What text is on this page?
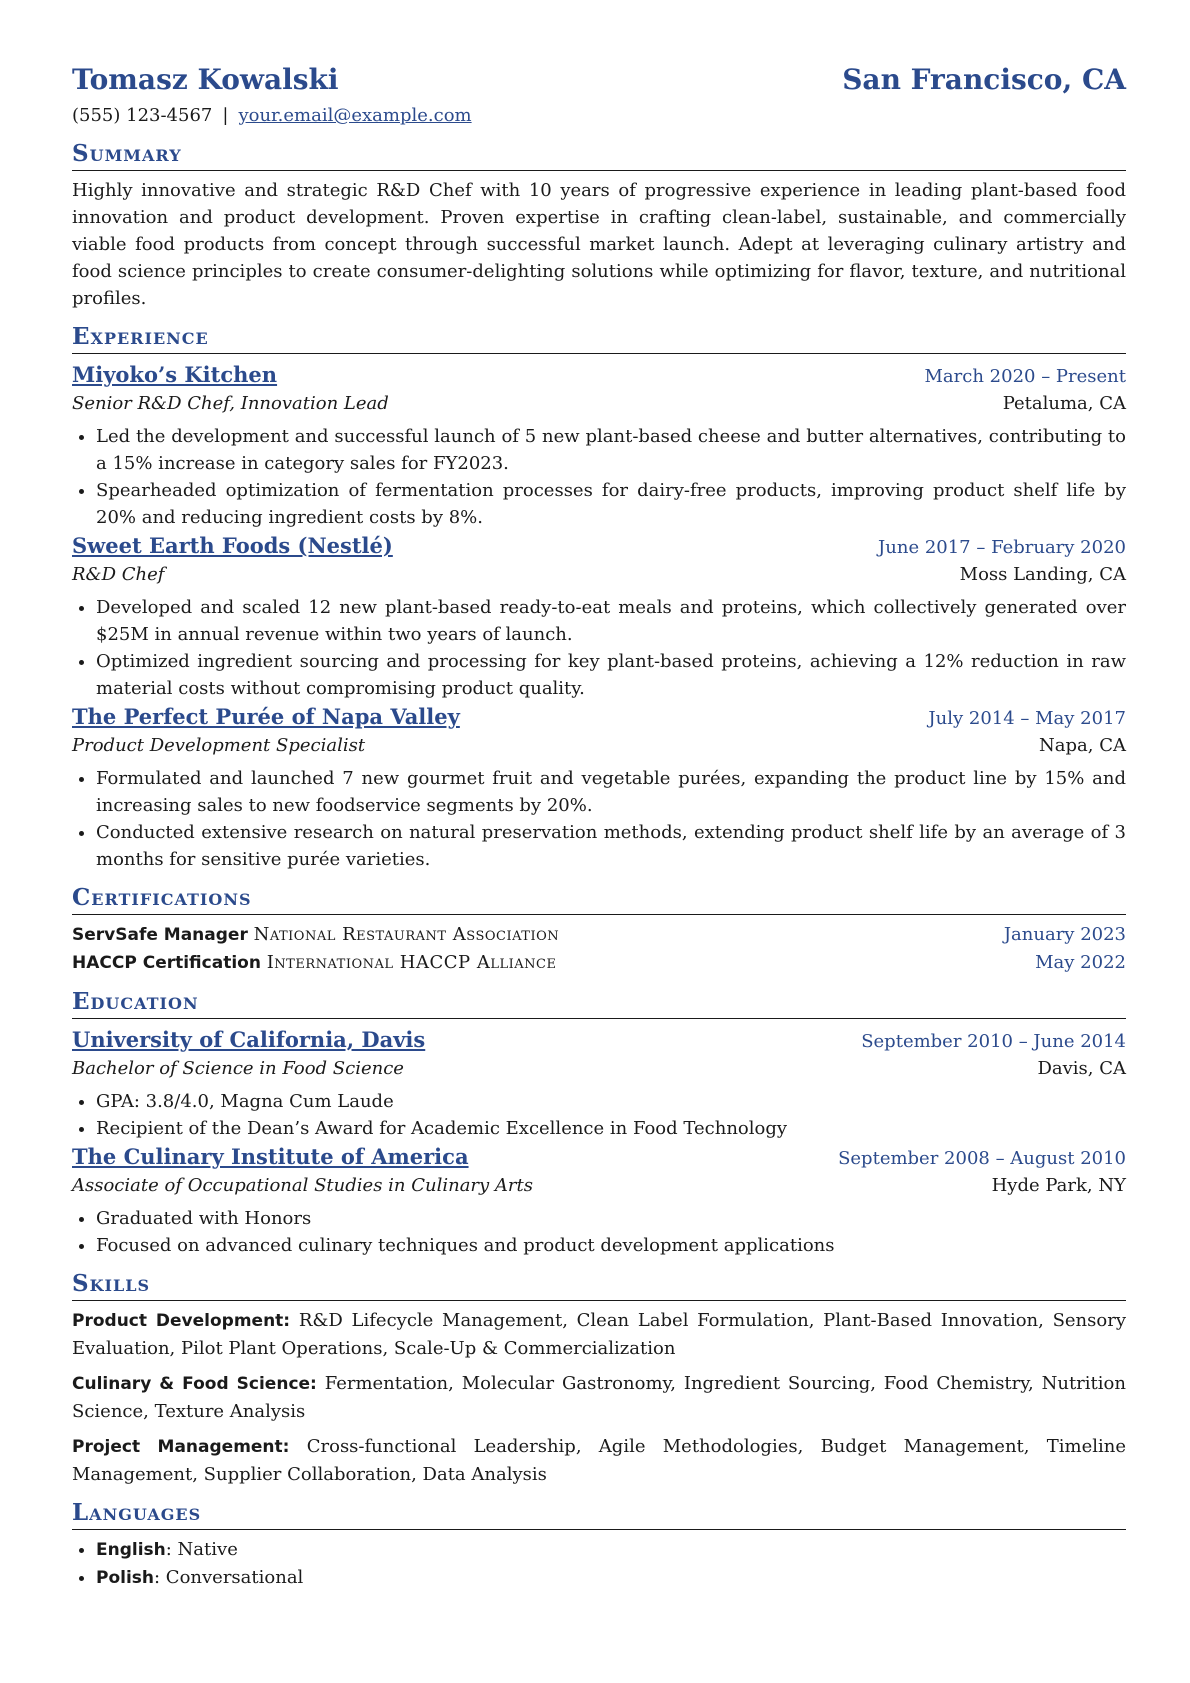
Tomasz Kowalski	San Francisco, CA
(555) 123-4567 | your.email@example.com
Summary
Highly innovative and strategic R&D Chef with 10 years of progressive experience in leading plant-based food innovation and product development. Proven expertise in crafting clean-label, sustainable, and commercially viable food products from concept through successful market launch. Adept at leveraging culinary artistry and food science principles to create consumer-delighting solutions while optimizing for flavor, texture, and nutritional profiles.
Experience
Miyoko’s Kitchen	March 2020 – Present
Senior R&D Chef, Innovation Lead	Petaluma, CA
• Led the development and successful launch of 5 new plant-based cheese and butter alternatives, contributing to a 15% increase in category sales for FY2023.
• Spearheaded optimization of fermentation processes for dairy-free products, improving product shelf life by 20% and reducing ingredient costs by 8%.
Sweet Earth Foods (Nestlé)	June 2017 – February 2020
R&D Chef	Moss Landing, CA
• Developed and scaled 12 new plant-based ready-to-eat meals and proteins, which collectively generated over $25M in annual revenue within two years of launch.
• Optimized ingredient sourcing and processing for key plant-based proteins, achieving a 12% reduction in raw material costs without compromising product quality.
The Perfect Purée of Napa Valley	July 2014 – May 2017
Product Development Specialist	Napa, CA
• Formulated and launched 7 new gourmet fruit and vegetable purées, expanding the product line by 15% and increasing sales to new foodservice segments by 20%.
• Conducted extensive research on natural preservation methods, extending product shelf life by an average of 3 months for sensitive purée varieties.
Certifications
ServSafe Manager National Restaurant Association	January 2023
HACCP Certification International HACCP Alliance	May 2022
Education
University of California, Davis	September 2010 – June 2014
Bachelor of Science in Food Science	Davis, CA
• GPA: 3.8/4.0, Magna Cum Laude
• Recipient of the Dean’s Award for Academic Excellence in Food Technology
The Culinary Institute of America	September 2008 – August 2010
Associate of Occupational Studies in Culinary Arts	Hyde Park, NY
• Graduated with Honors
• Focused on advanced culinary techniques and product development applications
Skills
Product Development: R&D Lifecycle Management, Clean Label Formulation, Plant-Based Innovation, Sensory Evaluation, Pilot Plant Operations, Scale-Up & Commercialization
Culinary & Food Science: Fermentation, Molecular Gastronomy, Ingredient Sourcing, Food Chemistry, Nutrition Science, Texture Analysis
Project Management: Cross-functional Leadership, Agile Methodologies, Budget Management, Timeline Management, Supplier Collaboration, Data Analysis
Languages
• English: Native
• Polish: Conversational
